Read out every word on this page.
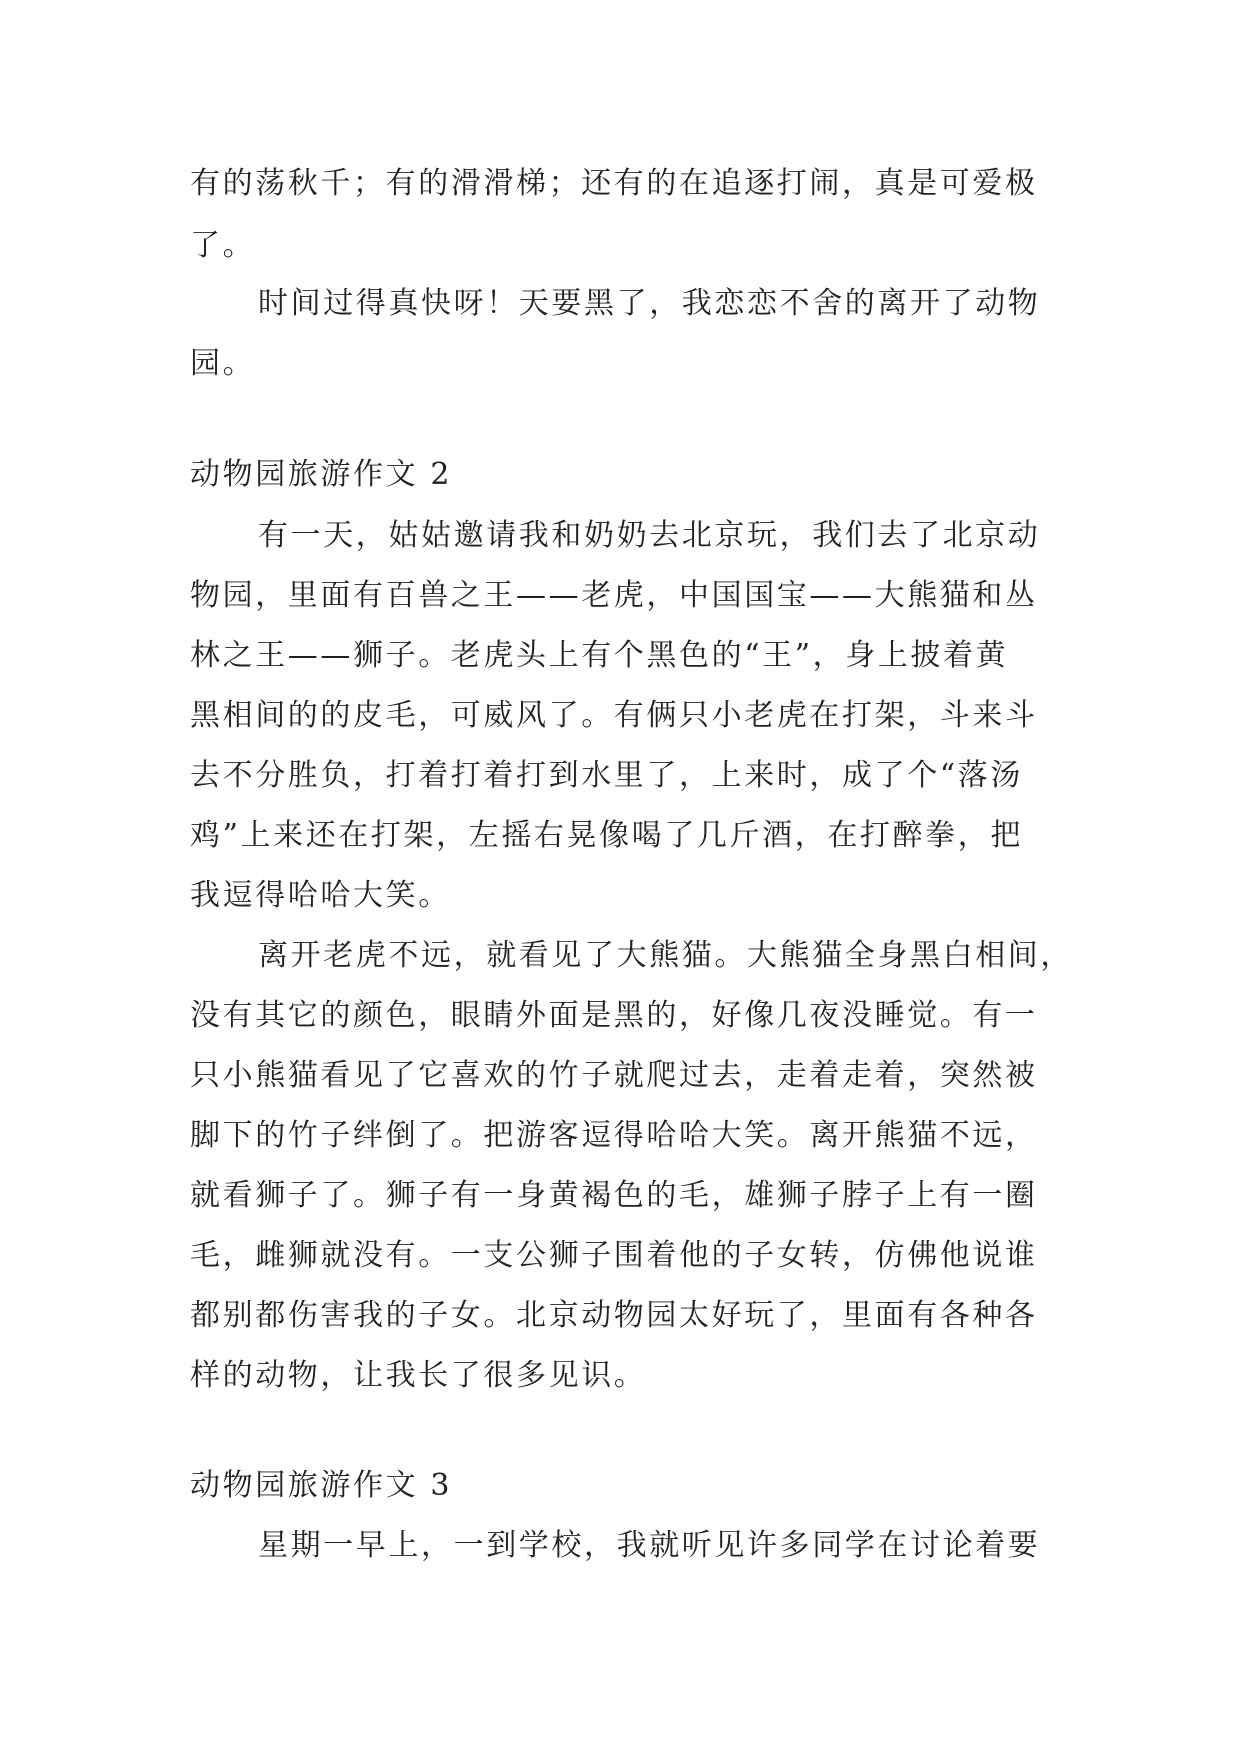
有的荡秋千；有的滑滑梯；还有的在追逐打闹，真是可爱极
了。
时间过得真快呀！天要黑了，我恋恋不舍的离开了动物
园。
动物园旅游作文 2
有一天，姑姑邀请我和奶奶去北京玩，我们去了北京动
物园，里面有百兽之王——老虎，中国国宝——大熊猫和丛
林之王——狮子。老虎头上有个黑色的“王”，身上披着黄
黑相间的的皮毛，可威风了。有俩只小老虎在打架，斗来斗
去不分胜负，打着打着打到水里了，上来时，成了个“落汤
鸡”上来还在打架，左摇右晃像喝了几斤酒，在打醉拳，把
我逗得哈哈大笑。
离开老虎不远，就看见了大熊猫。大熊猫全身黑白相间，
没有其它的颜色，眼睛外面是黑的，好像几夜没睡觉。有一
只小熊猫看见了它喜欢的竹子就爬过去，走着走着，突然被
脚下的竹子绊倒了。把游客逗得哈哈大笑。离开熊猫不远，
就看狮子了。狮子有一身黄褐色的毛，雄狮子脖子上有一圈
毛，雌狮就没有。一支公狮子围着他的子女转，仿佛他说谁
都别都伤害我的子女。北京动物园太好玩了，里面有各种各
样的动物，让我长了很多见识。
动物园旅游作文 3
星期一早上，一到学校，我就听见许多同学在讨论着要
